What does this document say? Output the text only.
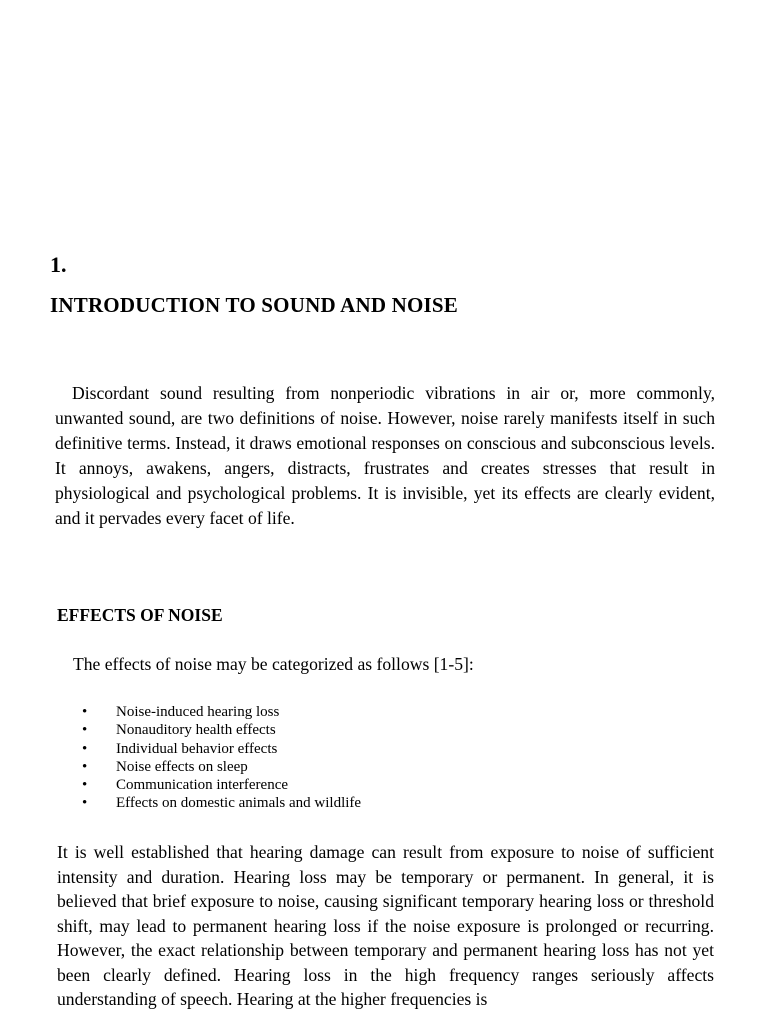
1.
INTRODUCTION TO SOUND AND NOISE

Discordant sound resulting from nonperiodic vibrations in air or, more commonly, unwanted sound, are two definitions of noise. However, noise rarely manifests itself in such definitive terms. Instead, it draws emotional responses on conscious and subconscious levels. It annoys, awakens, angers, distracts, frustrates and creates stresses that result in physiological and psychological problems. It is invisible, yet its effects are clearly evident, and it pervades every facet of life.

EFFECTS OF NOISE

The effects of noise may be categorized as follows [1-5]:

• Noise-induced hearing loss
• Nonauditory health effects
• Individual behavior effects
• Noise effects on sleep
• Communication interference
• Effects on domestic animals and wildlife

It is well established that hearing damage can result from exposure to noise of sufficient intensity and duration. Hearing loss may be temporary or permanent. In general, it is believed that brief exposure to noise, causing significant temporary hearing loss or threshold shift, may lead to permanent hearing loss if the noise exposure is prolonged or recurring. However, the exact relationship between temporary and permanent hearing loss has not yet been clearly defined. Hearing loss in the high frequency ranges seriously affects understanding of speech. Hearing at the higher frequencies is
